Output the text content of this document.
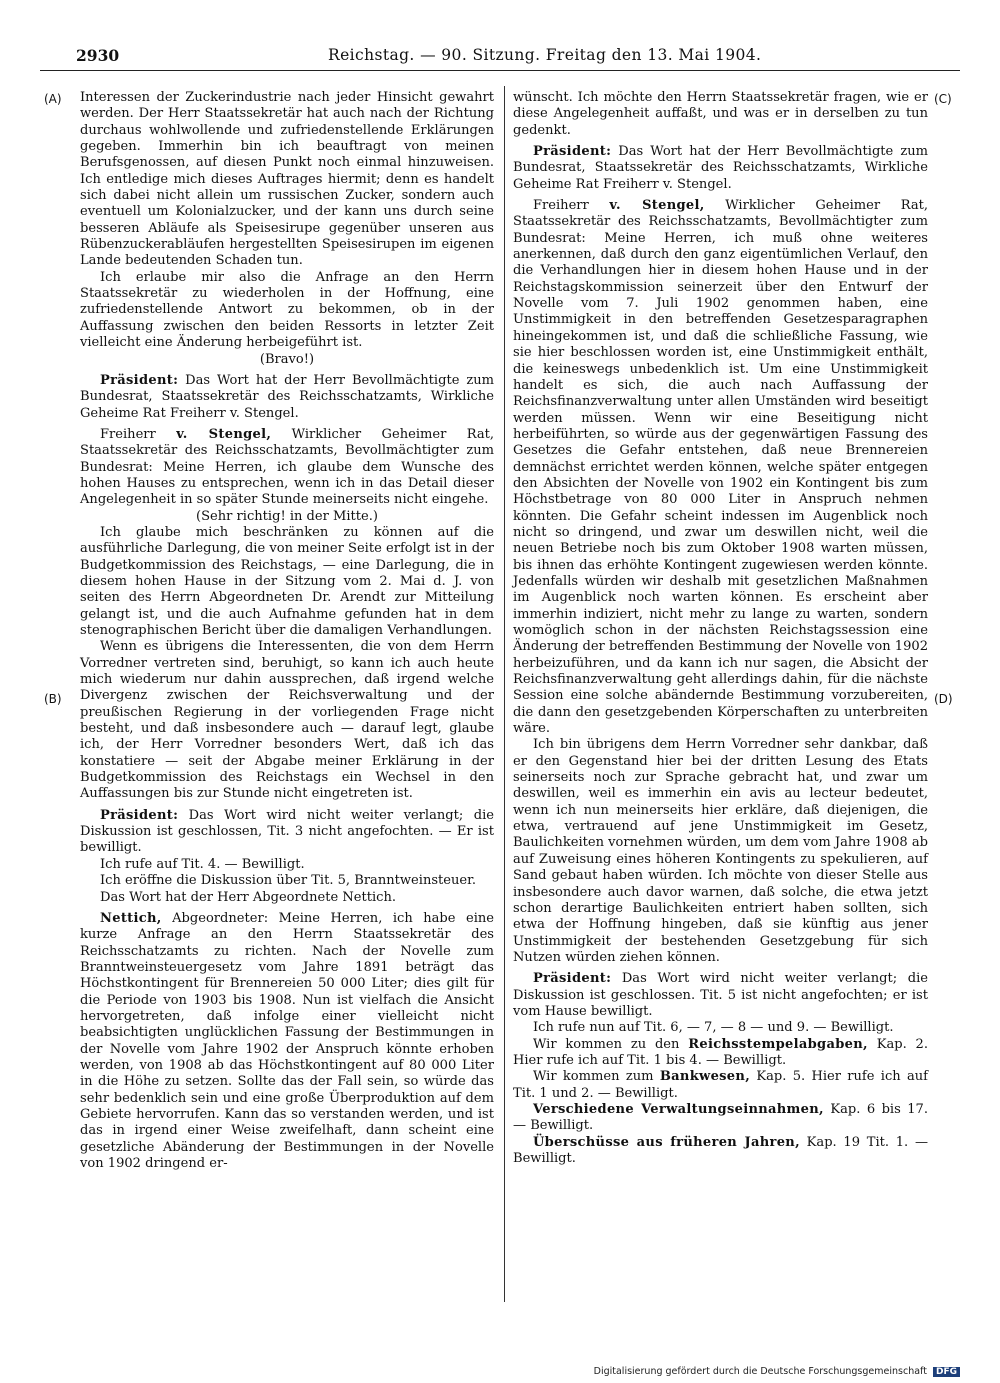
2930	Reichstag. — 90. Sitzung. Freitag den 13. Mai 1904.

Interessen der Zuckerindustrie nach jeder Hinsicht gewahrt werden. Der Herr Staatssekretär hat auch nach der Richtung durchaus wohlwollende und zufriedenstellende Erklärungen gegeben. Immerhin bin ich beauftragt von meinen Berufsgenossen, auf diesen Punkt noch einmal hinzuweisen. Ich entledige mich dieses Auftrages hiermit; denn es handelt sich dabei nicht allein um russischen Zucker, sondern auch eventuell um Kolonialzucker, und der kann uns durch seine besseren Abläufe als Speisesirupe gegenüber unseren aus Rübenzuckerabläufen hergestellten Speisesirupen im eigenen Lande bedeutenden Schaden tun.

Ich erlaube mir also die Anfrage an den Herrn Staatssekretär zu wiederholen in der Hoffnung, eine zufriedenstellende Antwort zu bekommen, ob in der Auffassung zwischen den beiden Ressorts in letzter Zeit vielleicht eine Änderung herbeigeführt ist.

(Bravo!)

Präsident: Das Wort hat der Herr Bevollmächtigte zum Bundesrat, Staatssekretär des Reichsschatzamts, Wirkliche Geheime Rat Freiherr v. Stengel.

Freiherr v. Stengel, Wirklicher Geheimer Rat, Staatssekretär des Reichsschatzamts, Bevollmächtigter zum Bundesrat: Meine Herren, ich glaube dem Wunsche des hohen Hauses zu entsprechen, wenn ich in das Detail dieser Angelegenheit in so später Stunde meinerseits nicht eingehe.

(Sehr richtig! in der Mitte.)

Ich glaube mich beschränken zu können auf die ausführliche Darlegung, die von meiner Seite erfolgt ist in der Budgetkommission des Reichstags, — eine Darlegung, die in diesem hohen Hause in der Sitzung vom 2. Mai d. J. von seiten des Herrn Abgeordneten Dr. Arendt zur Mitteilung gelangt ist, und die auch Aufnahme gefunden hat in dem stenographischen Bericht über die damaligen Verhandlungen.

Wenn es übrigens die Interessenten, die von dem Herrn Vorredner vertreten sind, beruhigt, so kann ich auch heute mich wiederum nur dahin aussprechen, daß irgend welche Divergenz zwischen der Reichsverwaltung und der preußischen Regierung in der vorliegenden Frage nicht besteht, und daß insbesondere auch — darauf legt, glaube ich, der Herr Vorredner besonders Wert, daß ich das konstatiere — seit der Abgabe meiner Erklärung in der Budgetkommission des Reichstags ein Wechsel in den Auffassungen bis zur Stunde nicht eingetreten ist.

Präsident: Das Wort wird nicht weiter verlangt; die Diskussion ist geschlossen, Tit. 3 nicht angefochten. — Er ist bewilligt.

Ich rufe auf Tit. 4. — Bewilligt.

Ich eröffne die Diskussion über Tit. 5, Branntweinsteuer.

Das Wort hat der Herr Abgeordnete Nettich.

Nettich, Abgeordneter: Meine Herren, ich habe eine kurze Anfrage an den Herrn Staatssekretär des Reichsschatzamts zu richten. Nach der Novelle zum Branntweinsteuergesetz vom Jahre 1891 beträgt das Höchstkontingent für Brennereien 50 000 Liter; dies gilt für die Periode von 1903 bis 1908. Nun ist vielfach die Ansicht hervorgetreten, daß infolge einer vielleicht nicht beabsichtigten unglücklichen Fassung der Bestimmungen in der Novelle vom Jahre 1902 der Anspruch könnte erhoben werden, von 1908 ab das Höchstkontingent auf 80 000 Liter in die Höhe zu setzen. Sollte das der Fall sein, so würde das sehr bedenklich sein und eine große Überproduktion auf dem Gebiete hervorrufen. Kann das so verstanden werden, und ist das in irgend einer Weise zweifelhaft, dann scheint eine gesetzliche Abänderung der Bestimmungen in der Novelle von 1902 dringend er-

wünscht. Ich möchte den Herrn Staatssekretär fragen, wie er diese Angelegenheit auffaßt, und was er in derselben zu tun gedenkt.

Präsident: Das Wort hat der Herr Bevollmächtigte zum Bundesrat, Staatssekretär des Reichsschatzamts, Wirkliche Geheime Rat Freiherr v. Stengel.

Freiherr v. Stengel, Wirklicher Geheimer Rat, Staatssekretär des Reichsschatzamts, Bevollmächtigter zum Bundesrat: Meine Herren, ich muß ohne weiteres anerkennen, daß durch den ganz eigentümlichen Verlauf, den die Verhandlungen hier in diesem hohen Hause und in der Reichstagskommission seinerzeit über den Entwurf der Novelle vom 7. Juli 1902 genommen haben, eine Unstimmigkeit in den betreffenden Gesetzesparagraphen hineingekommen ist, und daß die schließliche Fassung, wie sie hier beschlossen worden ist, eine Unstimmigkeit enthält, die keineswegs unbedenklich ist. Um eine Unstimmigkeit handelt es sich, die auch nach Auffassung der Reichsfinanzverwaltung unter allen Umständen wird beseitigt werden müssen. Wenn wir eine Beseitigung nicht herbeiführten, so würde aus der gegenwärtigen Fassung des Gesetzes die Gefahr entstehen, daß neue Brennereien demnächst errichtet werden können, welche später entgegen den Absichten der Novelle von 1902 ein Kontingent bis zum Höchstbetrage von 80 000 Liter in Anspruch nehmen könnten. Die Gefahr scheint indessen im Augenblick noch nicht so dringend, und zwar um deswillen nicht, weil die neuen Betriebe noch bis zum Oktober 1908 warten müssen, bis ihnen das erhöhte Kontingent zugewiesen werden könnte. Jedenfalls würden wir deshalb mit gesetzlichen Maßnahmen im Augenblick noch warten können. Es erscheint aber immerhin indiziert, nicht mehr zu lange zu warten, sondern womöglich schon in der nächsten Reichstagssession eine Änderung der betreffenden Bestimmung der Novelle von 1902 herbeizuführen, und da kann ich nur sagen, die Absicht der Reichsfinanzverwaltung geht allerdings dahin, für die nächste Session eine solche abändernde Bestimmung vorzubereiten, die dann den gesetzgebenden Körperschaften zu unterbreiten wäre.

Ich bin übrigens dem Herrn Vorredner sehr dankbar, daß er den Gegenstand hier bei der dritten Lesung des Etats seinerseits noch zur Sprache gebracht hat, und zwar um deswillen, weil es immerhin ein avis au lecteur bedeutet, wenn ich nun meinerseits hier erkläre, daß diejenigen, die etwa, vertrauend auf jene Unstimmigkeit im Gesetz, Baulichkeiten vornehmen würden, um dem vom Jahre 1908 ab auf Zuweisung eines höheren Kontingents zu spekulieren, auf Sand gebaut haben würden. Ich möchte von dieser Stelle aus insbesondere auch davor warnen, daß solche, die etwa jetzt schon derartige Baulichkeiten entriert haben sollten, sich etwa der Hoffnung hingeben, daß sie künftig aus jener Unstimmigkeit der bestehenden Gesetzgebung für sich Nutzen würden ziehen können.

Präsident: Das Wort wird nicht weiter verlangt; die Diskussion ist geschlossen. Tit. 5 ist nicht angefochten; er ist vom Hause bewilligt.

Ich rufe nun auf Tit. 6, — 7, — 8 — und 9. — Bewilligt.

Wir kommen zu den Reichsstempelabgaben, Kap. 2. Hier rufe ich auf Tit. 1 bis 4. — Bewilligt.

Wir kommen zum Bankwesen, Kap. 5. Hier rufe ich auf Tit. 1 und 2. — Bewilligt.

Verschiedene Verwaltungseinnahmen, Kap. 6 bis 17. — Bewilligt.

Überschüsse aus früheren Jahren, Kap. 19 Tit. 1. — Bewilligt.

(A)
(B)
(C)
(D)
Digitalisierung gefördert durch die Deutsche Forschungsgemeinschaft DFG
